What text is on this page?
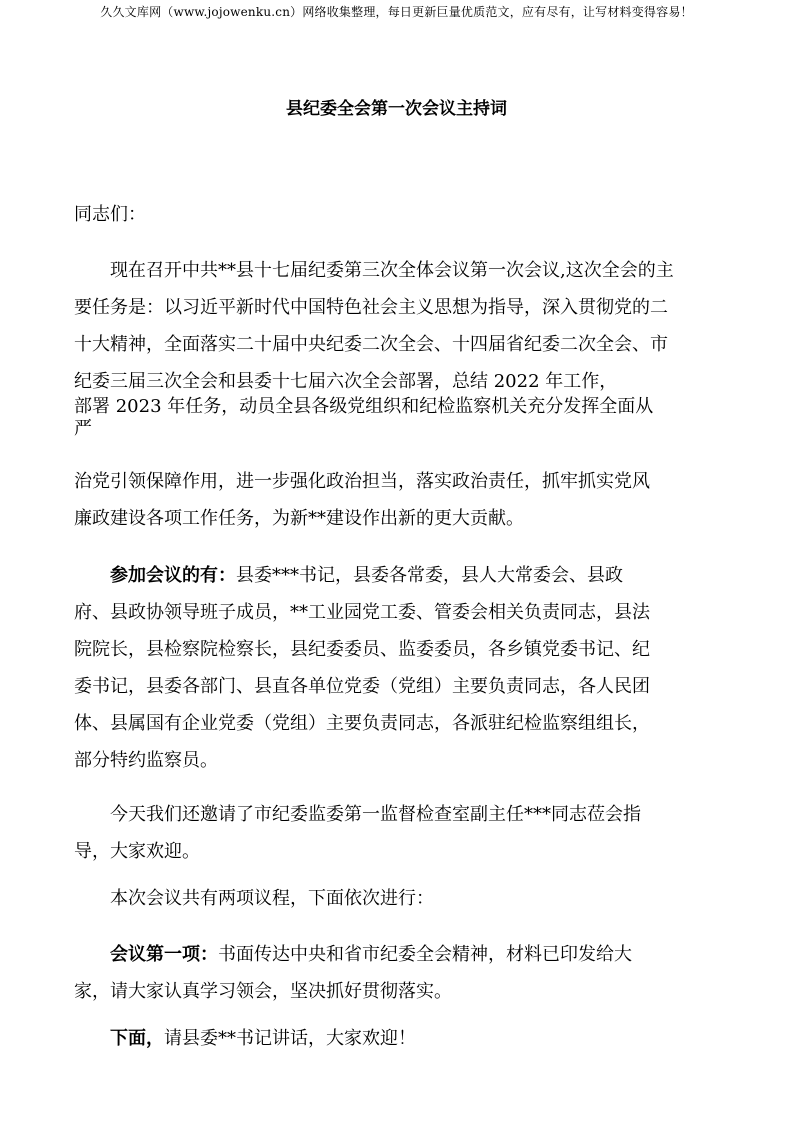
久久文库网（www.jojowenku.cn）网络收集整理，每日更新巨量优质范文，应有尽有，让写材料变得容易！
县纪委全会第一次会议主持词

同志们：

现在召开中共**县十七届纪委第三次全体会议第一次会议,这次全会的主
要任务是：以习近平新时代中国特色社会主义思想为指导，深入贯彻党的二
十大精神，全面落实二十届中央纪委二次全会、十四届省纪委二次全会、市
纪委三届三次全会和县委十七届六次全会部署，总结 2022 年工作，

部署 2023 年任务，动员全县各级党组织和纪检监察机关充分发挥全面从
严

治党引领保障作用，进一步强化政治担当，落实政治责任，抓牢抓实党风
廉政建设各项工作任务，为新**建设作出新的更大贡献。

参加会议的有：县委***书记，县委各常委，县人大常委会、县政
府、县政协领导班子成员，**工业园党工委、管委会相关负责同志，县法
院院长，县检察院检察长，县纪委委员、监委委员，各乡镇党委书记、纪
委书记，县委各部门、县直各单位党委（党组）主要负责同志，各人民团
体、县属国有企业党委（党组）主要负责同志，各派驻纪检监察组组长，
部分特约监察员。

今天我们还邀请了市纪委监委第一监督检查室副主任***同志莅会指
导，大家欢迎。

本次会议共有两项议程，下面依次进行：

会议第一项：书面传达中央和省市纪委全会精神，材料已印发给大
家，请大家认真学习领会，坚决抓好贯彻落实。

下面，请县委**书记讲话，大家欢迎！
